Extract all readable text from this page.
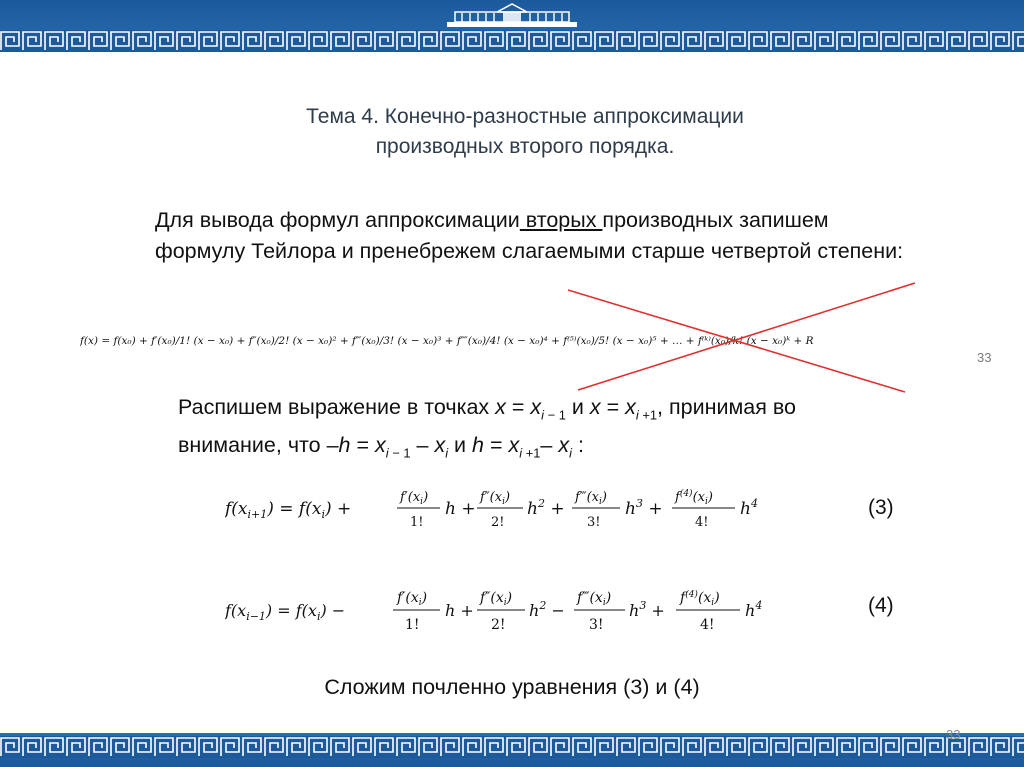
Тема 4. Конечно-разностные аппроксимации
производных второго порядка.
Для вывода формул аппроксимации вторых производных запишем формулу Тейлора и пренебрежем слагаемыми старше четвертой степени:
f(x) = f(x₀) + f′(x₀)/1! (x − x₀) + f″(x₀)/2! (x − x₀)² + f‴(x₀)/3! (x − x₀)³ + f⁗(x₀)/4! (x − x₀)⁴ + f⁽⁵⁾(x₀)/5! (x − x₀)⁵ + … + f⁽ᵏ⁾(x₀)/k! (x − x₀)ᵏ + R
33
Распишем выражение в точках $x = x_{i - 1}$ и $x = x_{i +1}$, принимая во
внимание, что $-h = x_{i - 1} - x_i$ и $h = x_{i +1}-$ $x_i$ :
$f(x_{i+1}) = f(x_i)$ +
$f'(x_i)$
1!
h +
$f''(x_i)$
2!
$h^2$ +
$f‴(x_i)$
3!
$h^3$ +
$f^{(4)}(x_i)$
4!
$h^4$	(3)
$f(x_{i-1}) = f(x_i)$ −
$f'(x_i)$
1!
h +
$f''(x_i)$
2!
$h^2$ −
$f‴(x_i)$
3!
$h^3$ +
$f^{(4)}(x_i)$
4!
$h^4$	(4)
Сложим почленно уравнения (3) и (4)
33
